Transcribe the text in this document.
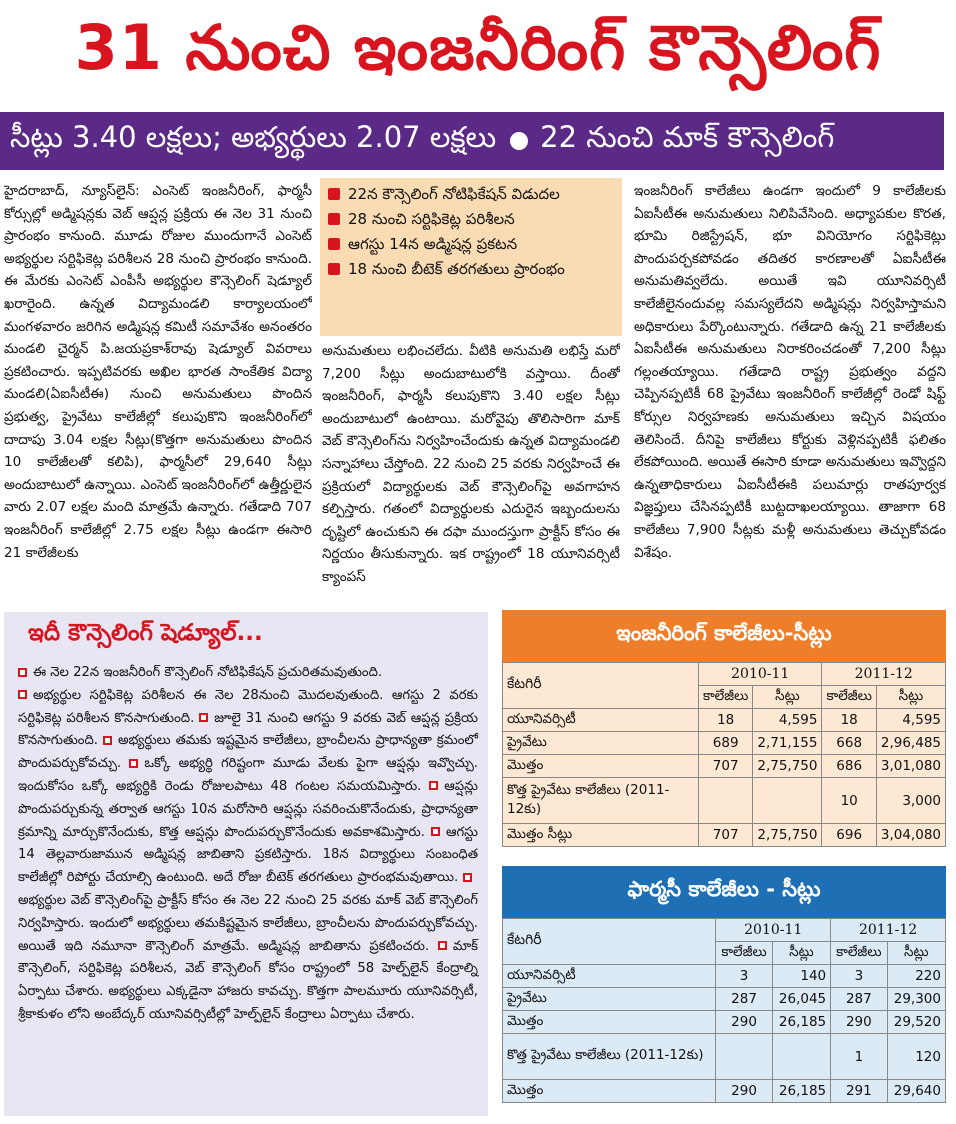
31 నుంచి ఇంజనీరింగ్ కౌన్సెలింగ్
సీట్లు 3.40 లక్షలు; అభ్యర్థులు 2.07 లక్షలు 22 నుంచి మాక్ కౌన్సెలింగ్
హైదరాబాద్, న్యూస్‌లైన్: ఎంసెట్ ఇంజనీరింగ్, ఫార్మసీ కోర్సుల్లో అడ్మిషన్లకు వెబ్ ఆప్షన్ల ప్రక్రియ ఈ నెల 31 నుంచి ప్రారంభం కానుంది. మూడు రోజుల ముందుగానే ఎంసెట్ అభ్యర్థుల సర్టిఫికెట్ల పరిశీలన 28 నుంచి ప్రారంభం కానుంది. ఈ మేరకు ఎంసెట్ ఎంపీసీ అభ్యర్థుల కౌన్సెలింగ్ షెడ్యూల్ ఖరారైంది. ఉన్నత విద్యామండలి కార్యాలయంలో మంగళవారం జరిగిన అడ్మిషన్ల కమిటీ సమావేశం అనంతరం మండలి చైర్మన్ పి.జయప్రకాశ్‌రావు షెడ్యూల్ వివరాలు ప్రకటించారు. ఇప్పటివరకు అఖిల భారత సాంకేతిక విద్యా మండలి(ఏఐసీటీఈ) నుంచి అనుమతులు పొందిన ప్రభుత్వ, ప్రైవేటు కాలేజీల్లో కలుపుకొని ఇంజనీరింగ్‌లో దాదాపు 3.04 లక్షల సీట్లు(కొత్తగా అనుమతులు పొందిన 10 కాలేజీలతో కలిపి), ఫార్మసీలో 29,640 సీట్లు అందుబాటులో ఉన్నాయి. ఎంసెట్ ఇంజనీరింగ్‌లో ఉత్తీర్ణులైన వారు 2.07 లక్షల మంది మాత్రమే ఉన్నారు. గతేడాది 707 ఇంజనీరింగ్ కాలేజీల్లో 2.75 లక్షల సీట్లు ఉండగా ఈసారి 21 కాలేజీలకు
22న కౌన్సెలింగ్ నోటిఫికేషన్ విడుదల
28 నుంచి సర్టిఫికెట్ల పరిశీలన
ఆగస్టు 14న అడ్మిషన్ల ప్రకటన
18 నుంచి బీటెక్ తరగతులు ప్రారంభం
అనుమతులు లభించలేదు. వీటికి అనుమతి లభిస్తే మరో 7,200 సీట్లు అందుబాటులోకి వస్తాయి. దీంతో ఇంజనీరింగ్, ఫార్మసీ కలుపుకొని 3.40 లక్షల సీట్లు అందుబాటులో ఉంటాయి. మరోవైపు తొలిసారిగా మాక్ వెబ్ కౌన్సెలింగ్‌ను నిర్వహించేందుకు ఉన్నత విద్యామండలి సన్నాహాలు చేస్తోంది. 22 నుంచి 25 వరకు నిర్వహించే ఈ ప్రక్రియలో విద్యార్థులకు వెబ్ కౌన్సెలింగ్‌పై అవగాహన కల్పిస్తారు. గతంలో విద్యార్థులకు ఎదురైన ఇబ్బందులను దృష్టిలో ఉంచుకుని ఈ దఫా ముందస్తుగా ప్రాక్టీస్ కోసం ఈ నిర్ణయం తీసుకున్నారు. ఇక రాష్ట్రంలో 18 యూనివర్సిటీ క్యాంపస్
ఇంజనీరింగ్ కాలేజీలు ఉండగా ఇందులో 9 కాలేజీలకు ఏఐసీటీఈ అనుమతులు నిలిపివేసింది. అధ్యాపకుల కొరత, భూమి రిజిస్ట్రేషన్, భూ వినియోగం సర్టిఫికెట్లు పొందుపర్చకపోవడం తదితర కారణాలతో ఏఐసీటీఈ అనుమతివ్వలేదు. అయితే ఇవి యూనివర్సిటీ కాలేజీలైనందువల్ల సమస్యలేదని అడ్మిషన్లు నిర్వహిస్తామని అధికారులు పేర్కొంటున్నారు. గతేడాది ఉన్న 21 కాలేజీలకు ఏఐసీటీఈ అనుమతులు నిరాకరించడంతో 7,200 సీట్లు గల్లంతయ్యాయి. గతేడాది రాష్ట్ర ప్రభుత్వం వద్దని చెప్పినప్పటికీ 68 ప్రైవేటు ఇంజనీరింగ్ కాలేజీల్లో రెండో షిఫ్ట్ కోర్సుల నిర్వహణకు అనుమతులు ఇచ్చిన విషయం తెలిసిందే. దీనిపై కాలేజీలు కోర్టుకు వెళ్లినప్పటికీ ఫలితం లేకపోయింది. అయితే ఈసారి కూడా అనుమతులు ఇవ్వొద్దని ఉన్నతాధికారులు ఏఐసీటీఈకి పలుమార్లు రాతపూర్వక విజ్ఞప్తులు చేసినప్పటికీ బుట్టదాఖలయ్యాయి. తాజాగా 68 కాలేజీలు 7,900 సీట్లకు మళ్లీ అనుమతులు తెచ్చుకోవడం విశేషం.
ఇదీ కౌన్సెలింగ్ షెడ్యూల్...
ఈ నెల 22న ఇంజనీరింగ్ కౌన్సెలింగ్ నోటిఫికేషన్ ప్రచురితమవుతుంది.
అభ్యర్థుల సర్టిఫికెట్ల పరిశీలన ఈ నెల 28నుంచి మొదలవుతుంది. ఆగస్టు 2 వరకు సర్టిఫికెట్ల పరిశీలన కొనసాగుతుంది. జూలై 31 నుంచి ఆగస్టు 9 వరకు వెబ్ ఆప్షన్ల ప్రక్రియ కొనసాగుతుంది. అభ్యర్థులు తమకు ఇష్టమైన కాలేజీలు, బ్రాంచీలను ప్రాధాన్యతా క్రమంలో పొందుపర్చుకోవచ్చు. ఒక్కో అభ్యర్థి గరిష్టంగా మూడు వేలకు పైగా ఆప్షన్లు ఇవ్వొచ్చు. ఇందుకోసం ఒక్కో అభ్యర్థికి రెండు రోజులపాటు 48 గంటల సమయమిస్తారు. ఆప్షన్లు పొందుపర్చుకున్న తర్వాత ఆగస్టు 10న మరోసారి ఆప్షన్లు సవరించుకొనేందుకు, ప్రాధాన్యతా క్రమాన్ని మార్చుకొనేందుకు, కొత్త ఆప్షన్లు పొందుపర్చుకొనేందుకు అవకాశమిస్తారు. ఆగస్టు 14 తెల్లవారుజామున అడ్మిషన్ల జాబితాని ప్రకటిస్తారు. 18న విద్యార్థులు సంబంధిత కాలేజీల్లో రిపోర్టు చేయాల్సి ఉంటుంది. అదే రోజు బీటెక్ తరగతులు ప్రారంభమవుతాయి. అభ్యర్థుల వెబ్ కౌన్సెలింగ్‌పై ప్రాక్టీస్ కోసం ఈ నెల 22 నుంచి 25 వరకు మాక్ వెబ్ కౌన్సెలింగ్ నిర్వహిస్తారు. ఇందులో అభ్యర్థులు తమకిష్టమైన కాలేజీలు, బ్రాంచీలను పొందుపర్చుకోవచ్చు. అయితే ఇది నమూనా కౌన్సెలింగ్ మాత్రమే. అడ్మిషన్ల జాబితాను ప్రకటించరు. మాక్ కౌన్సెలింగ్, సర్టిఫికెట్ల పరిశీలన, వెబ్ కౌన్సెలింగ్ కోసం రాష్ట్రంలో 58 హెల్ప్‌లైన్ కేంద్రాల్ని ఏర్పాటు చేశారు. అభ్యర్థులు ఎక్కడైనా హాజరు కావచ్చు. కొత్తగా పాలమూరు యూనివర్సిటీ, శ్రీకాకుళం లోని అంబేద్కర్ యూనివర్సిటీల్లో హెల్ప్‌లైన్ కేంద్రాలు ఏర్పాటు చేశారు.
ఇంజనీరింగ్ కాలేజీలు-సీట్లు
కేటగిరీ	2010-11		2011-12	
	కాలేజీలు	సీట్లు	కాలేజీలు	సీట్లు
యూనివర్సిటీ	18	4,595	18	4,595
ప్రైవేటు	689	2,71,155	668	2,96,485
మొత్తం	707	2,75,750	686	3,01,080
కొత్త ప్రైవేటు కాలేజీలు (2011-12కు)			10	3,000
మొత్తం సీట్లు	707	2,75,750	696	3,04,080
ఫార్మసీ కాలేజీలు - సీట్లు
కేటగిరీ	2010-11		2011-12	
	కాలేజీలు	సీట్లు	కాలేజీలు	సీట్లు
యూనివర్సిటీ	3	140	3	220
ప్రైవేటు	287	26,045	287	29,300
మొత్తం	290	26,185	290	29,520
కొత్త ప్రైవేటు కాలేజీలు (2011-12కు)			1	120
మొత్తం	290	26,185	291	29,640
